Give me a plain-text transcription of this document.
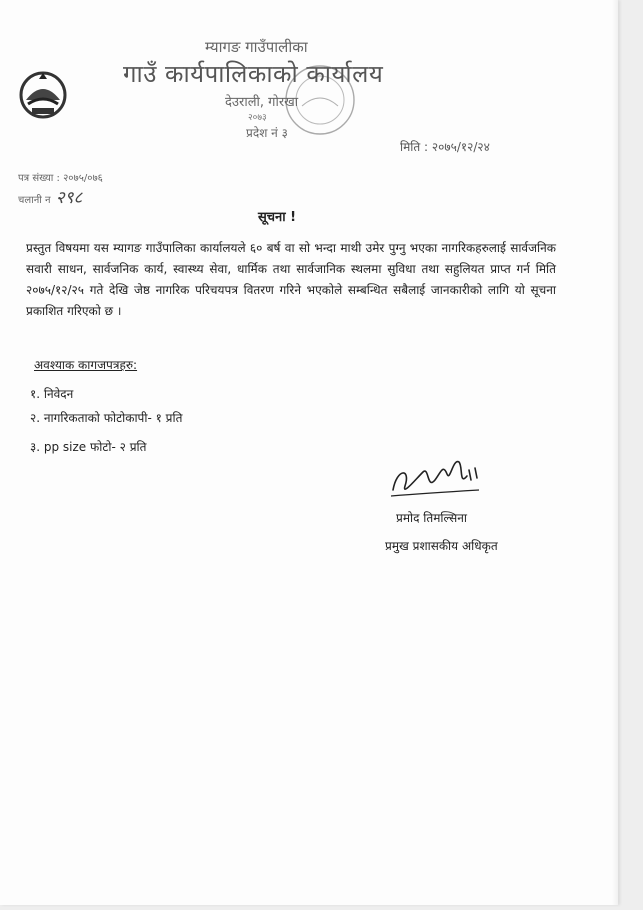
म्यागङ गाउँपालीका
गाउँ कार्यपालिकाको कार्यालय
देउराली, गोरखा
२०७३
प्रदेश नं ३
मिति : २०७५/१२/२४
पत्र संख्या : २०७५/०७६
चलानी न २९८
सूचना !
प्रस्तुत विषयमा यस म्यागङ गाउँपालिका कार्यालयले ६० बर्ष वा सो भन्दा माथी उमेर पुग्नु भएका नागरिकहरुलाई सार्वजनिक सवारी साधन, सार्वजनिक कार्य, स्वास्थ्य सेवा, धार्मिक तथा सार्वजानिक स्थलमा सुविधा तथा सहुलियत प्राप्त गर्न मिति २०७५/१२/२५ गते देखि जेष्ठ नागरिक परिचयपत्र वितरण गरिने भएकोले सम्बन्धित सबैलाई जानकारीको लागि यो सूचना प्रकाशित गरिएको छ ।
अवश्याक कागजपत्रहरु:
१. निवेदन
२. नागरिकताको फोटोकापी- १ प्रति
३. pp size फोटो- २ प्रति
प्रमोद तिमल्सिना
प्रमुख प्रशासकीय अधिकृत
